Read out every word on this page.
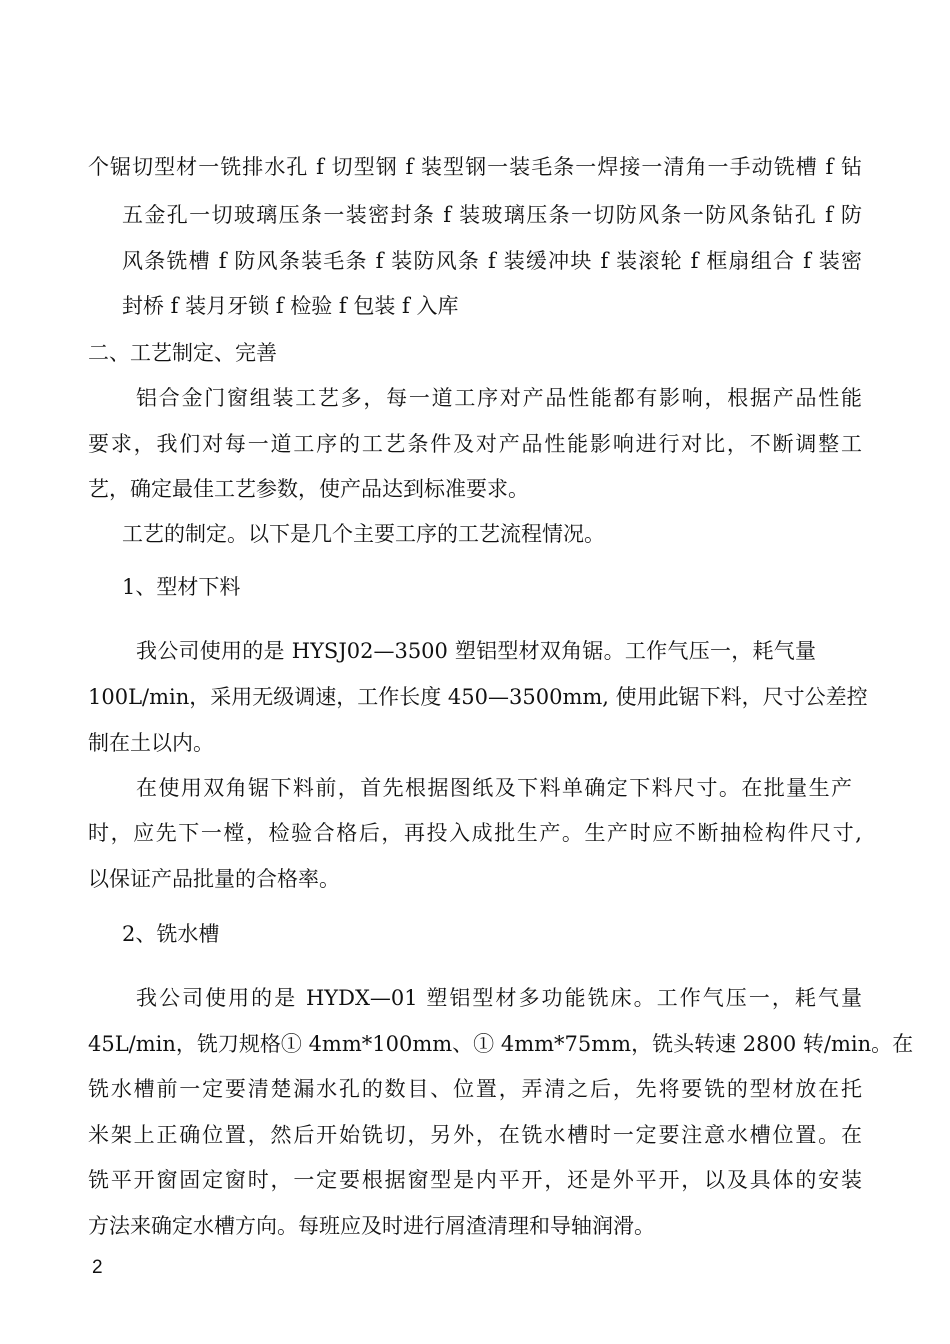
个锯切型材一铣排水孔 f 切型钢 f 装型钢一装毛条一焊接一清角一手动铣槽 f 钻
五金孔一切玻璃压条一装密封条 f 装玻璃压条一切防风条一防风条钻孔 f 防
风条铣槽 f 防风条装毛条 f 装防风条 f 装缓冲块 f 装滚轮 f 框扇组合 f 装密
封桥 f 装月牙锁 f 检验 f 包装 f 入库
二、工艺制定、完善
铝合金门窗组装工艺多，每一道工序对产品性能都有影响，根据产品性能
要求，我们对每一道工序的工艺条件及对产品性能影响进行对比，不断调整工
艺，确定最佳工艺参数，使产品达到标准要求。
工艺的制定。以下是几个主要工序的工艺流程情况。
1、型材下料
我公司使用的是 HYSJ02—3500 塑铝型材双角锯。工作气压一，耗气量
100L/min，采用无级调速，工作长度 450—3500mm, 使用此锯下料，尺寸公差控
制在土以内。
在使用双角锯下料前，首先根据图纸及下料单确定下料尺寸。在批量生产
时，应先下一樘，检验合格后，再投入成批生产。生产时应不断抽检构件尺寸,
以保证产品批量的合格率。
2、铣水槽
我公司使用的是 HYDX—01 塑铝型材多功能铣床。工作气压一，耗气量
45L/min，铣刀规格① 4mm*100mm、① 4mm*75mm，铣头转速 2800 转/min。在
铣水槽前一定要清楚漏水孔的数目、位置，弄清之后，先将要铣的型材放在托
米架上正确位置，然后开始铣切，另外，在铣水槽时一定要注意水槽位置。在
铣平开窗固定窗时，一定要根据窗型是内平开，还是外平开，以及具体的安装
方法来确定水槽方向。每班应及时进行屑渣清理和导轴润滑。
2
